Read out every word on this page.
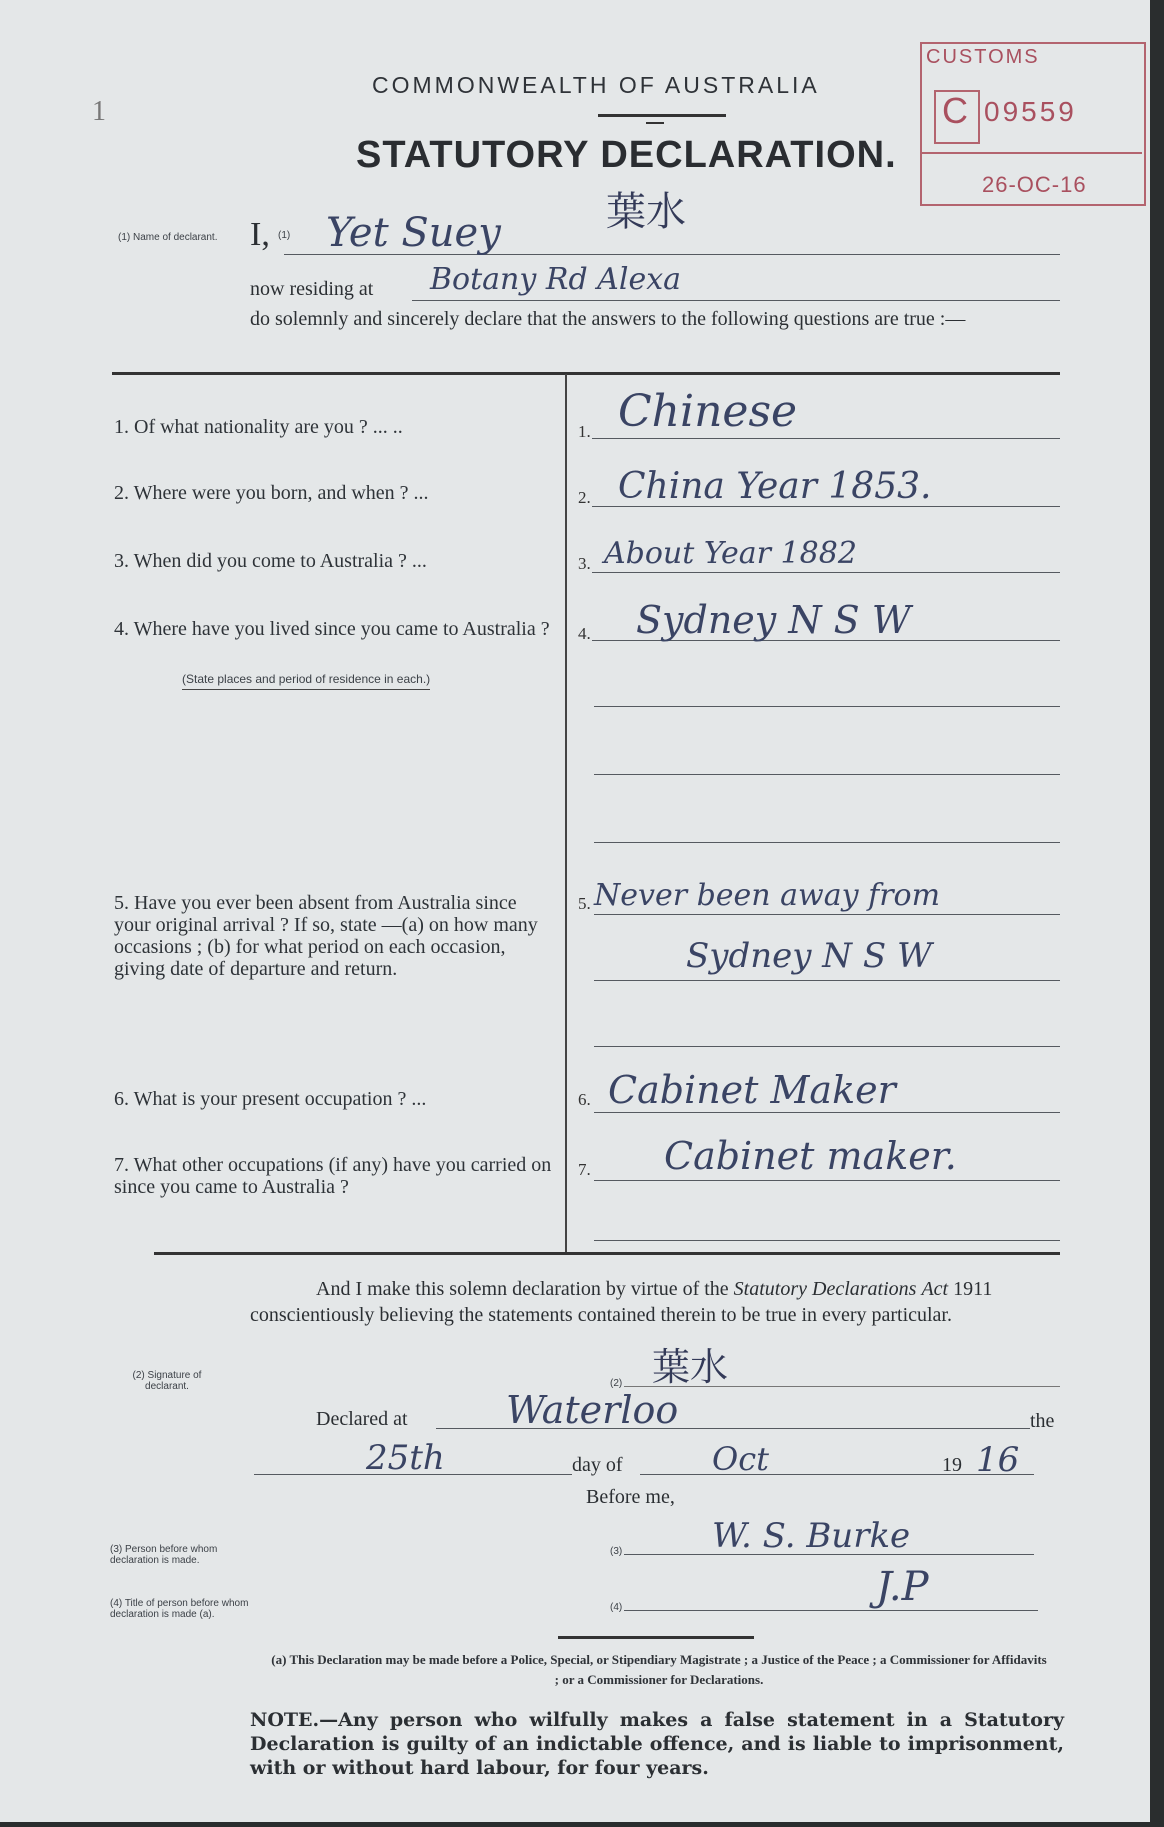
1
COMMONWEALTH OF AUSTRALIA
STATUTORY DECLARATION.
CUSTOMS
C 09559
26-OC-16
(1) Name of declarant. I, (1) Yet Suey	葉水
now residing at Botany Rd Alexa
do solemnly and sincerely declare that the answers to the following questions are true :—
1. Of what nationality are you ? ... ..	1. Chinese
2. Where were you born, and when ? ...	2. China Year 1853.
3. When did you come to Australia ? ...	3. About Year 1882
4. Where have you lived since you came to Australia ?
(State places and period of residence in each.)
4. Sydney N S W
5. Have you ever been absent from Australia since your original arrival ? If so, state —(a) on how many occasions ; (b) for what period on each occasion, giving date of departure and return.
5. Never been away from
Sydney N S W
6. What is your present occupation ? ...	6. Cabinet Maker
7. What other occupations (if any) have you carried on since you came to Australia ?
7. Cabinet maker.
And I make this solemn declaration by virtue of the Statutory Declarations Act 1911 conscientiously believing the statements contained therein to be true in every particular.
(2) Signature of declarant.	(2) 葉水
Declared at	Waterloo	the
25th	day of	Oct	19 16
Before me,
(3) Person before whom declaration is made.
(3)	W. S. Burke
(4) Title of person before whom declaration is made (a).
(4)	J.P
(a) This Declaration may be made before a Police, Special, or Stipendiary Magistrate ; a Justice of the Peace ; a Commissioner for Affidavits ; or a Commissioner for Declarations.
NOTE.—Any person who wilfully makes a false statement in a Statutory Declaration is guilty of an indictable offence, and is liable to imprisonment, with or without hard labour, for four years.
